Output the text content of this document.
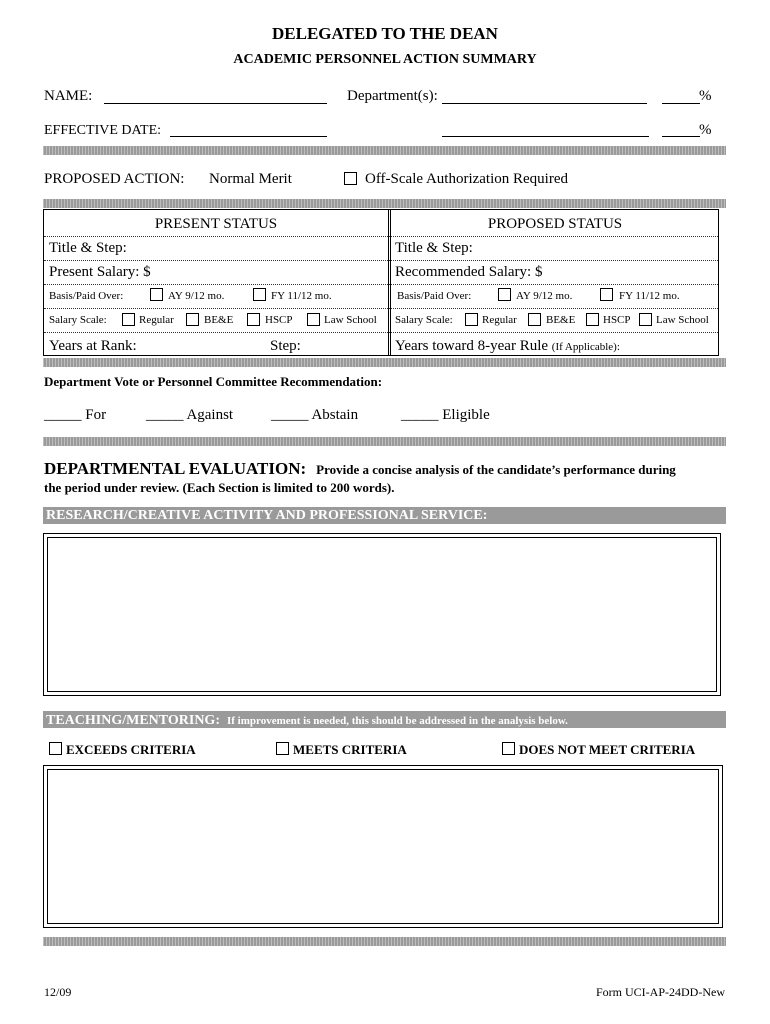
DELEGATED TO THE DEAN
ACADEMIC PERSONNEL ACTION SUMMARY
NAME:	Department(s):	%
EFFECTIVE DATE:	%
PROPOSED ACTION: Normal Merit	Off-Scale Authorization Required
PRESENT STATUS
Title & Step:
Present Salary: $
Basis/Paid Over:	AY 9/12 mo.	FY 11/12 mo.
Salary Scale:	Regular	BE&E	HSCP	Law School
Years at Rank:	Step:
PROPOSED STATUS
Title & Step:
Recommended Salary: $
Basis/Paid Over:	AY 9/12 mo.	FY 11/12 mo.
Salary Scale:	Regular	BE&E	HSCP Law School
Years toward 8-year Rule (If Applicable):
Department Vote or Personnel Committee Recommendation:
_____ For	_____ Against	_____ Abstain	_____ Eligible
DEPARTMENTAL EVALUATION: Provide a concise analysis of the candidate’s performance during
the period under review. (Each Section is limited to 200 words).
RESEARCH/CREATIVE ACTIVITY AND PROFESSIONAL SERVICE:
TEACHING/MENTORING: If improvement is needed, this should be addressed in the analysis below.
EXCEEDS CRITERIA	MEETS CRITERIA	DOES NOT MEET CRITERIA
12/09	Form UCI-AP-24DD-New
